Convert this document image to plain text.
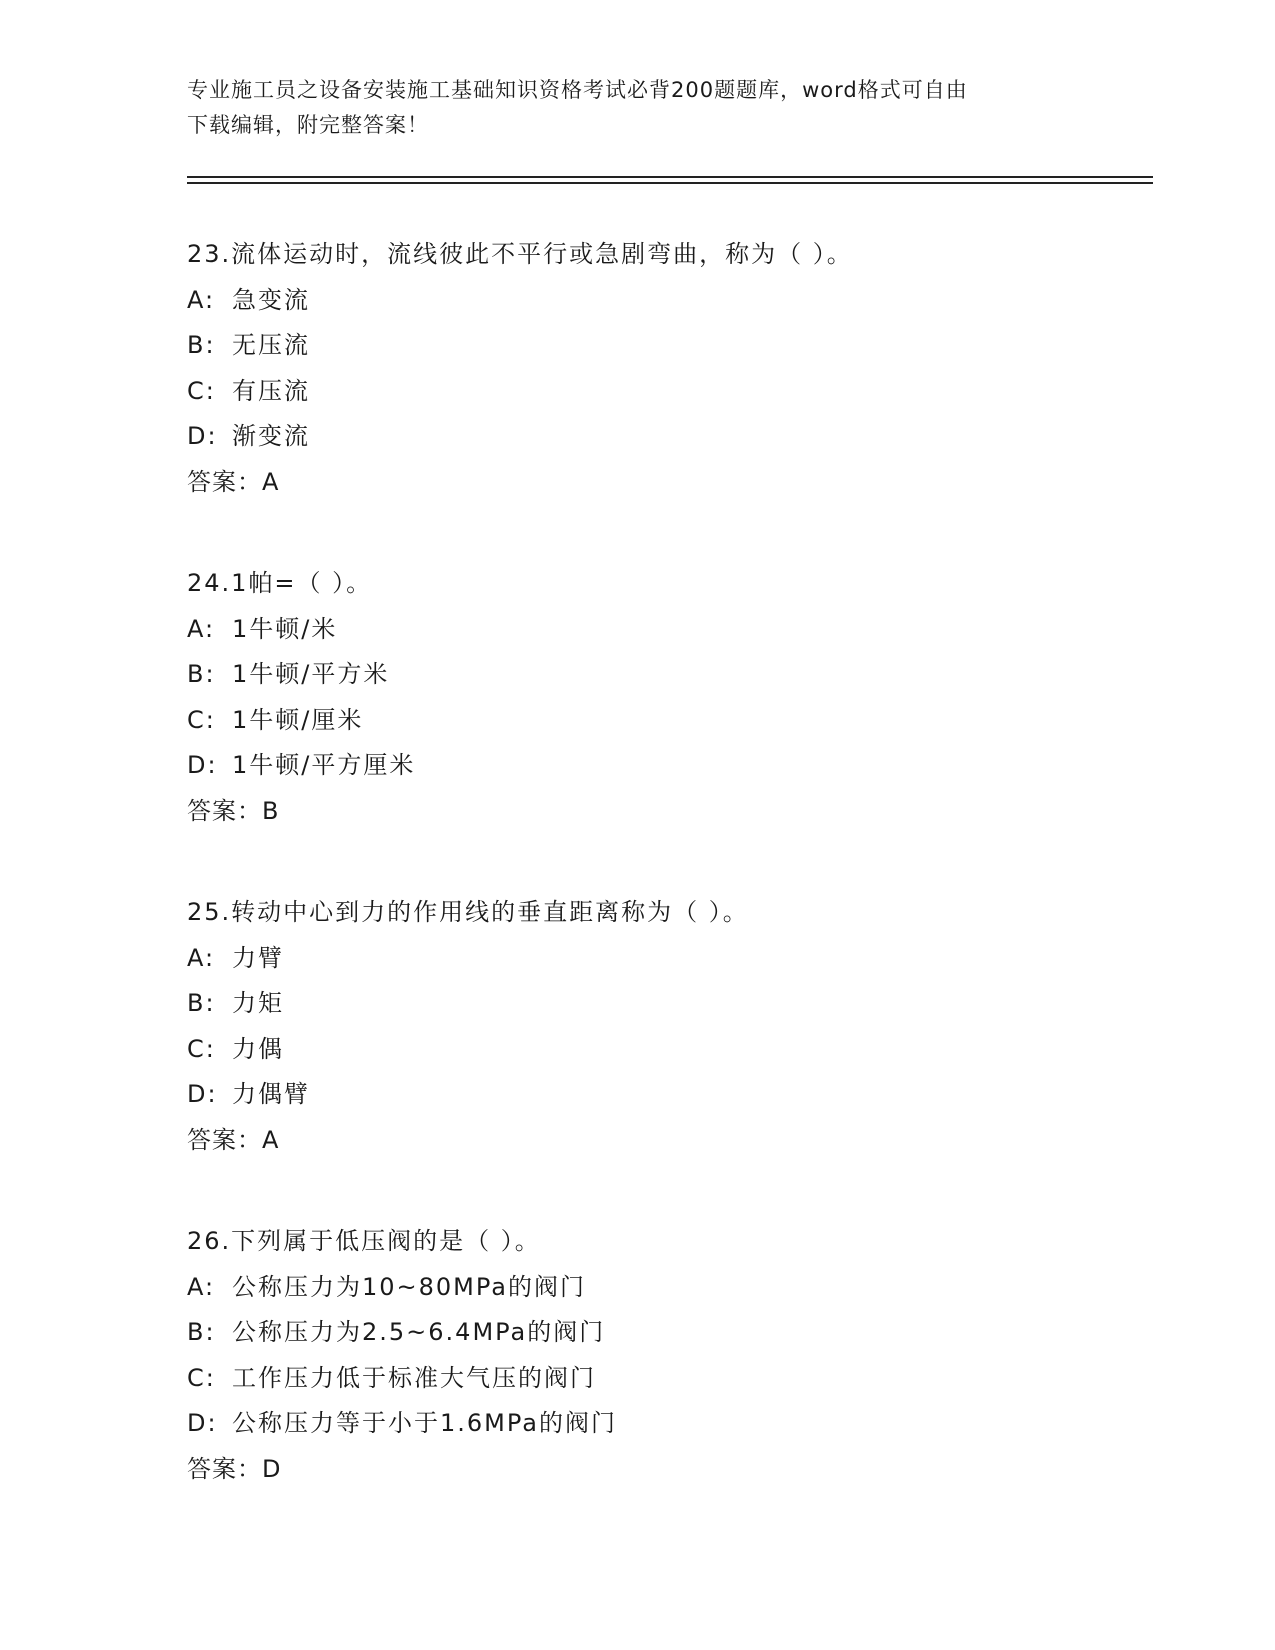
专业施工员之设备安装施工基础知识资格考试必背200题题库，word格式可自由
下载编辑，附完整答案！
23.流体运动时，流线彼此不平行或急剧弯曲，称为（ ）。
A: 急变流
B: 无压流
C: 有压流
D: 渐变流
答案：A
24.1帕=（ ）。
A: 1牛顿/米
B: 1牛顿/平方米
C: 1牛顿/厘米
D: 1牛顿/平方厘米
答案：B
25.转动中心到力的作用线的垂直距离称为（ ）。
A: 力臂
B: 力矩
C: 力偶
D: 力偶臂
答案：A
26.下列属于低压阀的是（ ）。
A: 公称压力为10~80MPa的阀门
B: 公称压力为2.5~6.4MPa的阀门
C: 工作压力低于标准大气压的阀门
D: 公称压力等于小于1.6MPa的阀门
答案：D
